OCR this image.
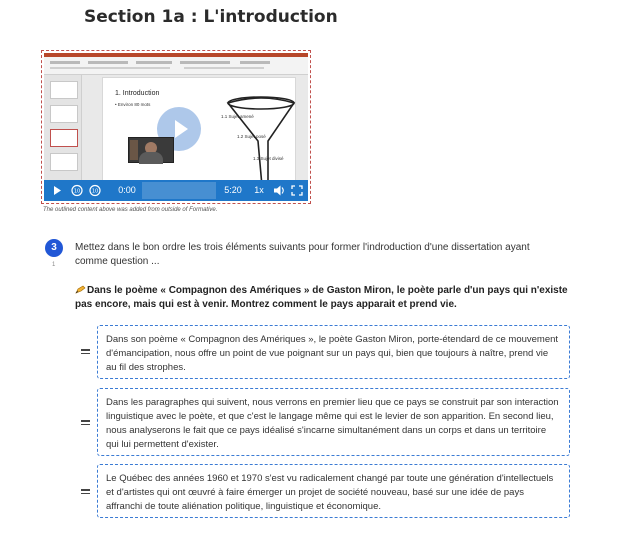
Section 1a : L'introduction
1. Introduction
• Environ 80 mots
1.1 Sujet amené
1.2 Sujet posé
1.3 Sujet divisé
10 10	0:00	5:20	1x
The outlined content above was added from outside of Formative.
3
1
Mettez dans le bon ordre les trois éléments suivants pour former l'indroduction d'une dissertation ayant comme question ...
Dans le poème « Compagnon des Amériques » de Gaston Miron, le poète parle d'un pays qui n'existe pas encore, mais qui est à venir. Montrez comment le pays apparait et prend vie.
Dans son poème « Compagnon des Amériques », le poète Gaston Miron, porte-étendard de ce mouvement d'émancipation, nous offre un point de vue poignant sur un pays qui, bien que toujours à naître, prend vie au fil des strophes.
Dans les paragraphes qui suivent, nous verrons en premier lieu que ce pays se construit par son interaction linguistique avec le poète, et que c'est le langage même qui est le levier de son apparition. En second lieu, nous analyserons le fait que ce pays idéalisé s'incarne simultanément dans un corps et dans un territoire qui lui permettent d'exister.
Le Québec des années 1960 et 1970 s'est vu radicalement changé par toute une génération d'intellectuels et d'artistes qui ont œuvré à faire émerger un projet de société nouveau, basé sur une idée de pays affranchi de toute aliénation politique, linguistique et économique.
